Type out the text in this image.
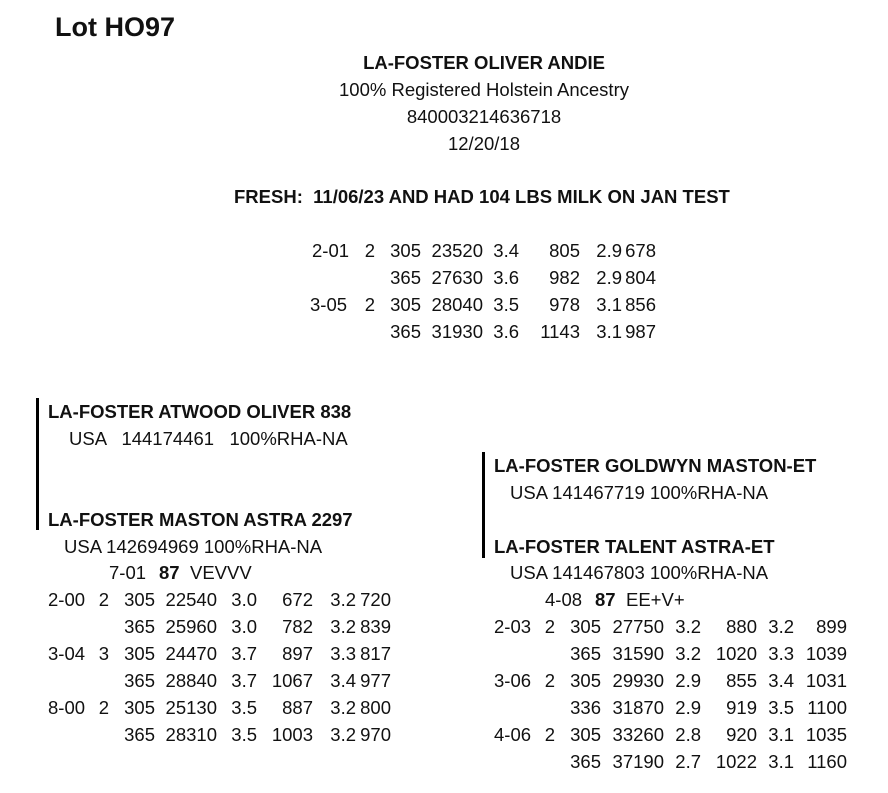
Lot HO97
LA-FOSTER OLIVER ANDIE
100% Registered Holstein Ancestry
840003214636718
12/20/18
FRESH:  11/06/23 AND HAD 104 LBS MILK ON JAN TEST
2-01 2 305 23520 3.4 805 2.9 678
365 27630 3.6 982 2.9 804
3-05 2 305 28040 3.5 978 3.1 856
365 31930 3.6 1143 3.1 987
LA-FOSTER ATWOOD OLIVER 838
USA   144174461   100%RHA-NA
LA-FOSTER MASTON ASTRA 2297
USA 142694969 100%RHA-NA
7-01 87 VEVVV
2-00 2 305 22540 3.0 672 3.2 720
365 25960 3.0 782 3.2 839
3-04 3 305 24470 3.7 897 3.3 817
365 28840 3.7 1067 3.4 977
8-00 2 305 25130 3.5 887 3.2 800
365 28310 3.5 1003 3.2 970
LA-FOSTER GOLDWYN MASTON-ET
USA 141467719 100%RHA-NA
LA-FOSTER TALENT ASTRA-ET
USA 141467803 100%RHA-NA
4-08 87 EE+V+
2-03 2 305 27750 3.2 880 3.2 899
365 31590 3.2 1020 3.3 1039
3-06 2 305 29930 2.9 855 3.4 1031
336 31870 2.9 919 3.5 1100
4-06 2 305 33260 2.8 920 3.1 1035
365 37190 2.7 1022 3.1 1160
